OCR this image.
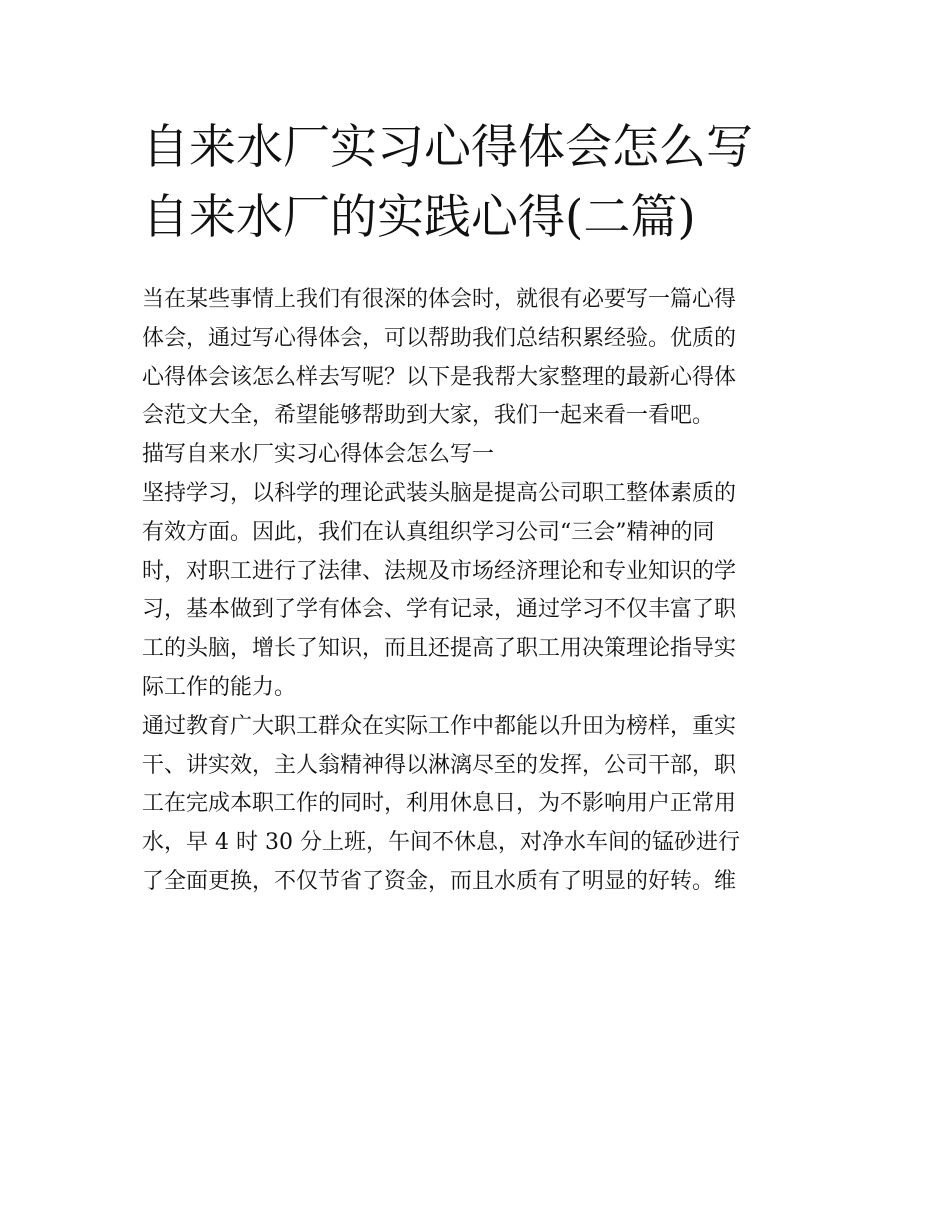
自来水厂实习心得体会怎么写
自来水厂的实践心得(二篇)
当在某些事情上我们有很深的体会时，就很有必要写一篇心得
体会，通过写心得体会，可以帮助我们总结积累经验。优质的
心得体会该怎么样去写呢？以下是我帮大家整理的最新心得体
会范文大全，希望能够帮助到大家，我们一起来看一看吧。
描写自来水厂实习心得体会怎么写一
坚持学习，以科学的理论武装头脑是提高公司职工整体素质的
有效方面。因此，我们在认真组织学习公司“三会”精神的同
时，对职工进行了法律、法规及市场经济理论和专业知识的学
习，基本做到了学有体会、学有记录，通过学习不仅丰富了职
工的头脑，增长了知识，而且还提高了职工用决策理论指导实
际工作的能力。
通过教育广大职工群众在实际工作中都能以升田为榜样，重实
干、讲实效，主人翁精神得以淋漓尽至的发挥，公司干部，职
工在完成本职工作的同时，利用休息日，为不影响用户正常用
水，早 4 时 30 分上班，午间不休息，对净水车间的锰砂进行
了全面更换，不仅节省了资金，而且水质有了明显的好转。维
